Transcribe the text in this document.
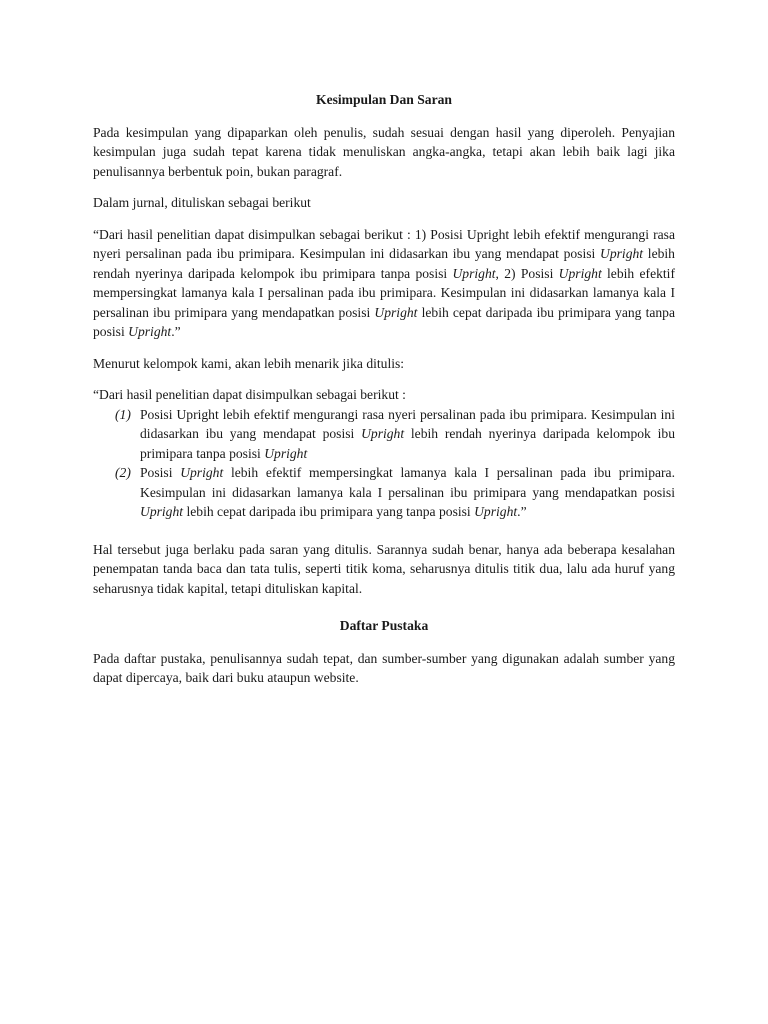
Kesimpulan Dan Saran

Pada kesimpulan yang dipaparkan oleh penulis, sudah sesuai dengan hasil yang diperoleh. Penyajian kesimpulan juga sudah tepat karena tidak menuliskan angka-angka, tetapi akan lebih baik lagi jika penulisannya berbentuk poin, bukan paragraf.

Dalam jurnal, dituliskan sebagai berikut

“Dari hasil penelitian dapat disimpulkan sebagai berikut : 1) Posisi Upright lebih efektif mengurangi rasa nyeri persalinan pada ibu primipara. Kesimpulan ini didasarkan ibu yang mendapat posisi Upright lebih rendah nyerinya daripada kelompok ibu primipara tanpa posisi Upright, 2) Posisi Upright lebih efektif mempersingkat lamanya kala I persalinan pada ibu primipara. Kesimpulan ini didasarkan lamanya kala I persalinan ibu primipara yang mendapatkan posisi Upright lebih cepat daripada ibu primipara yang tanpa posisi Upright.”

Menurut kelompok kami, akan lebih menarik jika ditulis:

“Dari hasil penelitian dapat disimpulkan sebagai berikut :

(1) Posisi Upright lebih efektif mengurangi rasa nyeri persalinan pada ibu primipara. Kesimpulan ini didasarkan ibu yang mendapat posisi Upright lebih rendah nyerinya daripada kelompok ibu primipara tanpa posisi Upright
(2) Posisi Upright lebih efektif mempersingkat lamanya kala I persalinan pada ibu primipara. Kesimpulan ini didasarkan lamanya kala I persalinan ibu primipara yang mendapatkan posisi Upright lebih cepat daripada ibu primipara yang tanpa posisi Upright.”

Hal tersebut juga berlaku pada saran yang ditulis. Sarannya sudah benar, hanya ada beberapa kesalahan penempatan tanda baca dan tata tulis, seperti titik koma, seharusnya ditulis titik dua, lalu ada huruf yang seharusnya tidak kapital, tetapi dituliskan kapital.

Daftar Pustaka

Pada daftar pustaka, penulisannya sudah tepat, dan sumber-sumber yang digunakan adalah sumber yang dapat dipercaya, baik dari buku ataupun website.
